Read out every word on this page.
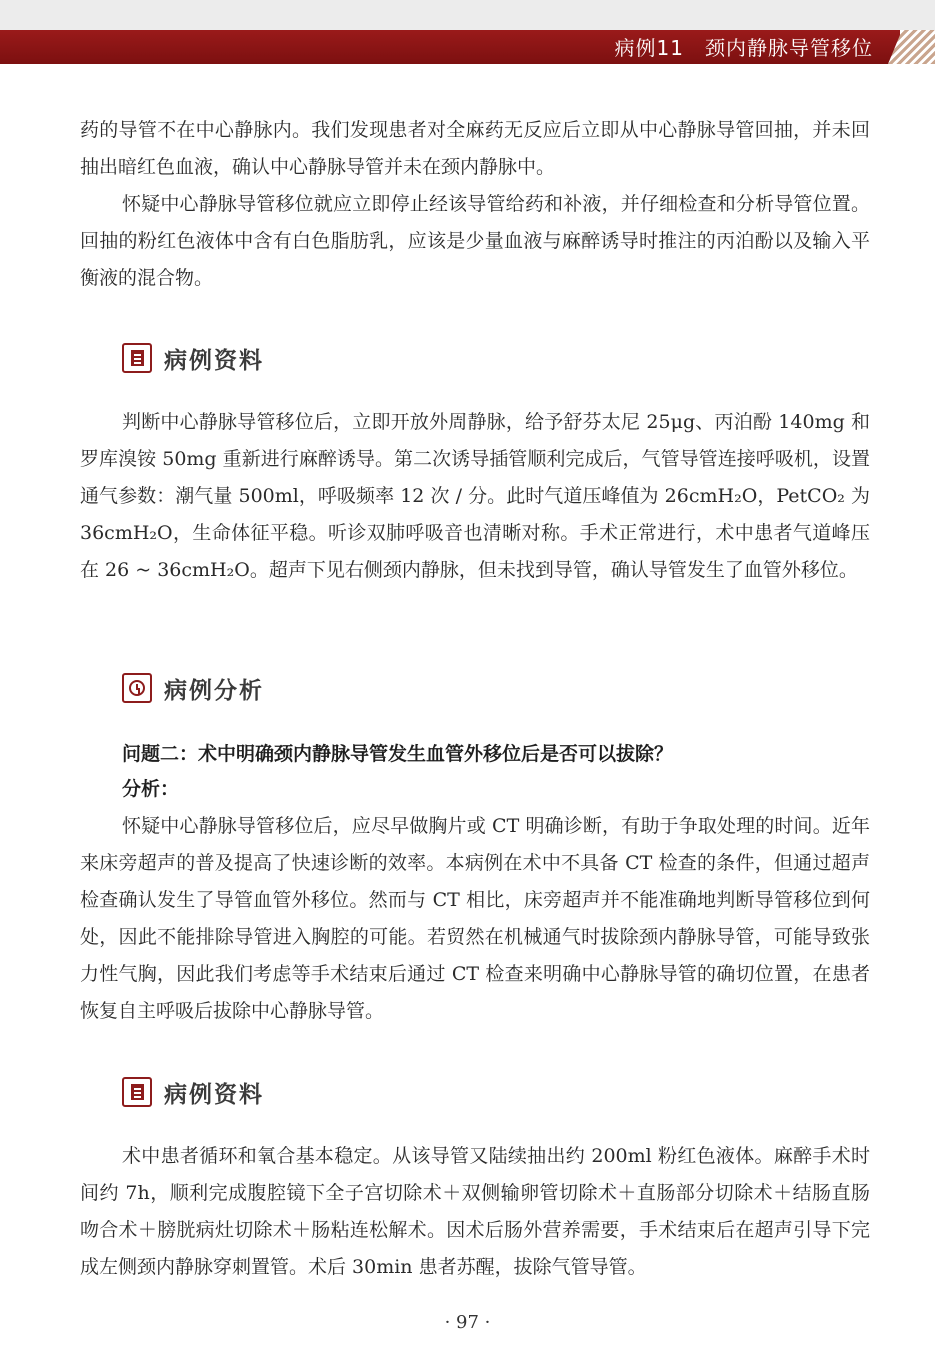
病例11　颈内静脉导管移位

药的导管不在中心静脉内。我们发现患者对全麻药无反应后立即从中心静脉导管回抽，并未回抽出暗红色血液，确认中心静脉导管并未在颈内静脉中。

怀疑中心静脉导管移位就应立即停止经该导管给药和补液，并仔细检查和分析导管位置。回抽的粉红色液体中含有白色脂肪乳，应该是少量血液与麻醉诱导时推注的丙泊酚以及输入平衡液的混合物。

病例资料

判断中心静脉导管移位后，立即开放外周静脉，给予舒芬太尼 25μg、丙泊酚 140mg 和罗库溴铵 50mg 重新进行麻醉诱导。第二次诱导插管顺利完成后，气管导管连接呼吸机，设置通气参数：潮气量 500ml，呼吸频率 12 次 / 分。此时气道压峰值为 26cmH₂O，PetCO₂ 为 36cmH₂O，生命体征平稳。听诊双肺呼吸音也清晰对称。手术正常进行，术中患者气道峰压在 26 ~ 36cmH₂O。超声下见右侧颈内静脉，但未找到导管，确认导管发生了血管外移位。

病例分析

问题二：术中明确颈内静脉导管发生血管外移位后是否可以拔除？

分析：

怀疑中心静脉导管移位后，应尽早做胸片或 CT 明确诊断，有助于争取处理的时间。近年来床旁超声的普及提高了快速诊断的效率。本病例在术中不具备 CT 检查的条件，但通过超声检查确认发生了导管血管外移位。然而与 CT 相比，床旁超声并不能准确地判断导管移位到何处，因此不能排除导管进入胸腔的可能。若贸然在机械通气时拔除颈内静脉导管，可能导致张力性气胸，因此我们考虑等手术结束后通过 CT 检查来明确中心静脉导管的确切位置，在患者恢复自主呼吸后拔除中心静脉导管。

病例资料

术中患者循环和氧合基本稳定。从该导管又陆续抽出约 200ml 粉红色液体。麻醉手术时间约 7h，顺利完成腹腔镜下全子宫切除术＋双侧输卵管切除术＋直肠部分切除术＋结肠直肠吻合术＋膀胱病灶切除术＋肠粘连松解术。因术后肠外营养需要，手术结束后在超声引导下完成左侧颈内静脉穿刺置管。术后 30min 患者苏醒，拔除气管导管。

· 97 ·
